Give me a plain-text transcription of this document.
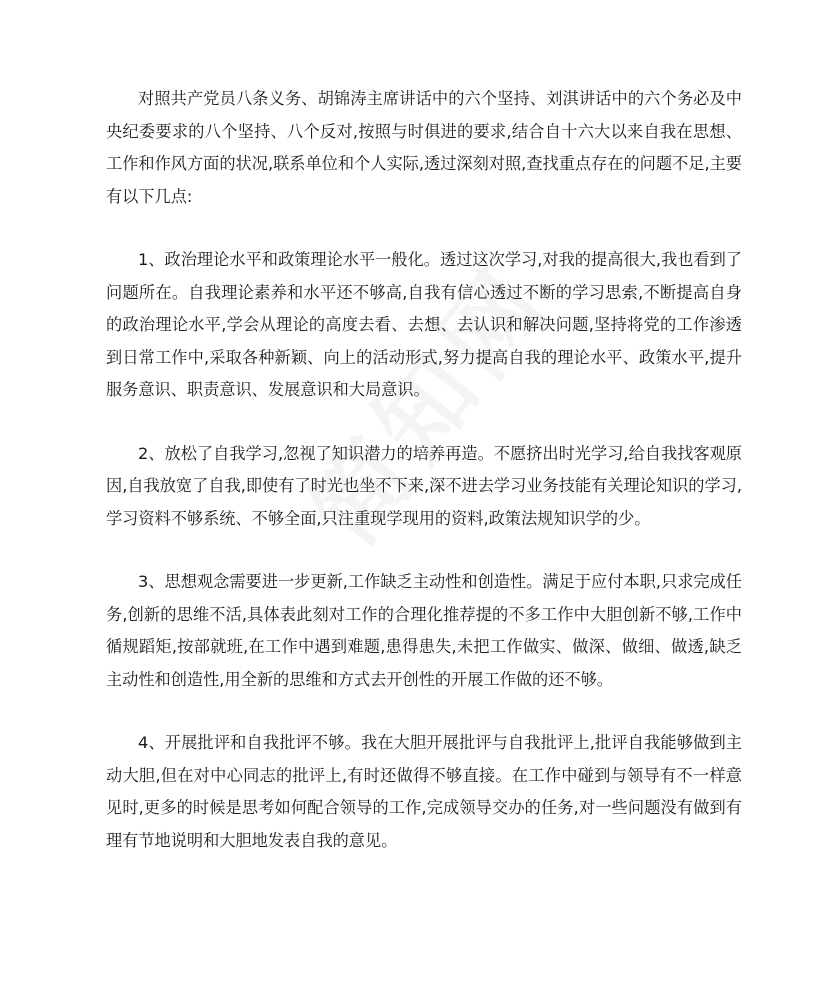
对照共产党员八条义务、胡锦涛主席讲话中的六个坚持、刘淇讲话中的六个务必及中央纪委要求的八个坚持、八个反对,按照与时俱进的要求,结合自十六大以来自我在思想、工作和作风方面的状况,联系单位和个人实际,透过深刻对照,查找重点存在的问题不足,主要有以下几点:

1、政治理论水平和政策理论水平一般化。透过这次学习,对我的提高很大,我也看到了问题所在。自我理论素养和水平还不够高,自我有信心透过不断的学习思索,不断提高自身的政治理论水平,学会从理论的高度去看、去想、去认识和解决问题,坚持将党的工作渗透到日常工作中,采取各种新颖、向上的活动形式,努力提高自我的理论水平、政策水平,提升服务意识、职责意识、发展意识和大局意识。

2、放松了自我学习,忽视了知识潜力的培养再造。不愿挤出时光学习,给自我找客观原因,自我放宽了自我,即使有了时光也坐不下来,深不进去学习业务技能有关理论知识的学习,学习资料不够系统、不够全面,只注重现学现用的资料,政策法规知识学的少。

3、思想观念需要进一步更新,工作缺乏主动性和创造性。满足于应付本职,只求完成任务,创新的思维不活,具体表此刻对工作的合理化推荐提的不多工作中大胆创新不够,工作中循规蹈矩,按部就班,在工作中遇到难题,患得患失,未把工作做实、做深、做细、做透,缺乏主动性和创造性,用全新的思维和方式去开创性的开展工作做的还不够。

4、开展批评和自我批评不够。我在大胆开展批评与自我批评上,批评自我能够做到主动大胆,但在对中心同志的批评上,有时还做得不够直接。在工作中碰到与领导有不一样意见时,更多的时候是思考如何配合领导的工作,完成领导交办的任务,对一些问题没有做到有理有节地说明和大胆地发表自我的意见。
